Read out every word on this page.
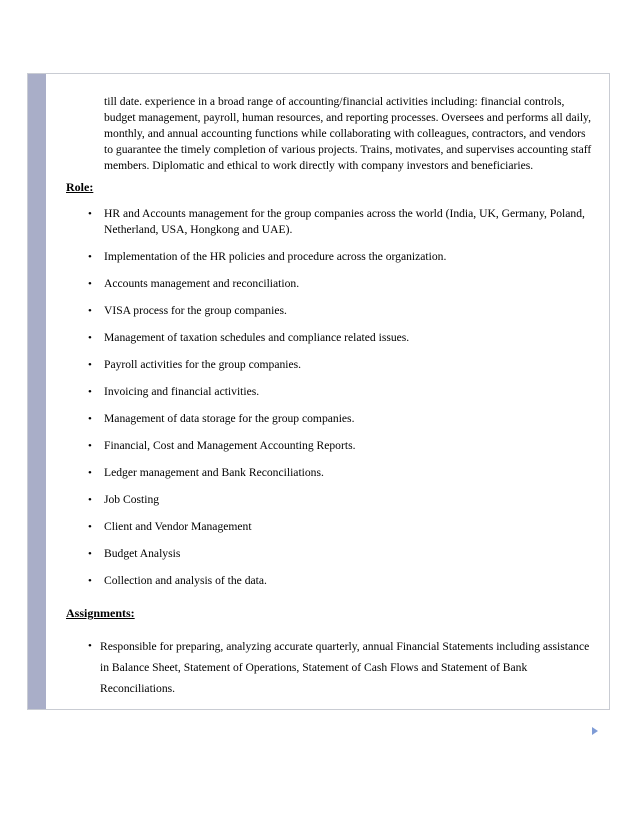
till date. experience in a broad range of accounting/financial activities including: financial controls, budget management, payroll, human resources, and reporting processes. Oversees and performs all daily, monthly, and annual accounting functions while collaborating with colleagues, contractors, and vendors to guarantee the timely completion of various projects. Trains, motivates, and supervises accounting staff members. Diplomatic and ethical to work directly with company investors and beneficiaries.

Role:

• HR and Accounts management for the group companies across the world (India, UK, Germany, Poland, Netherland, USA, Hongkong and UAE).
• Implementation of the HR policies and procedure across the organization.
• Accounts management and reconciliation.
• VISA process for the group companies.
• Management of taxation schedules and compliance related issues.
• Payroll activities for the group companies.
• Invoicing and financial activities.
• Management of data storage for the group companies.
• Financial, Cost and Management Accounting Reports.
• Ledger management and Bank Reconciliations.
• Job Costing
• Client and Vendor Management
• Budget Analysis
• Collection and analysis of the data.

Assignments:

• Responsible for preparing, analyzing accurate quarterly, annual Financial Statements including assistance in Balance Sheet, Statement of Operations, Statement of Cash Flows and Statement of Bank Reconciliations.
